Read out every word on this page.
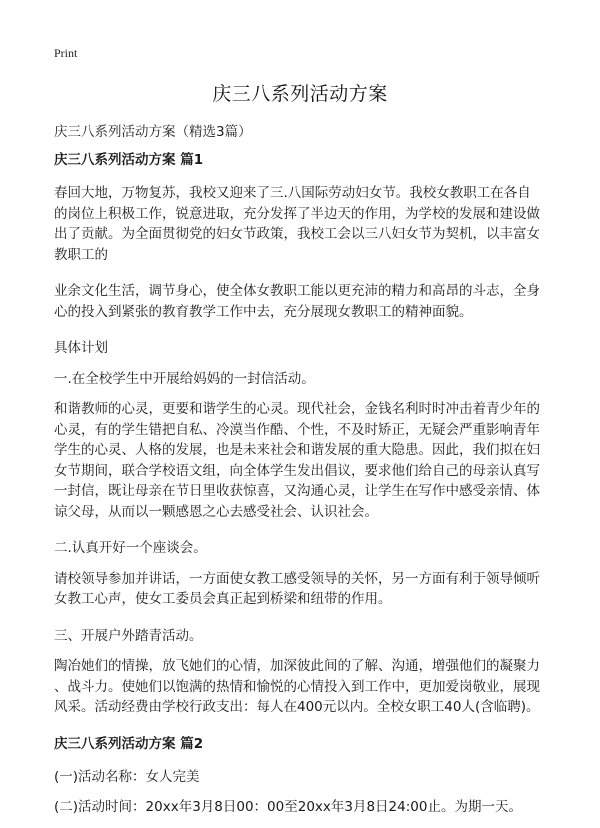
Print
庆三八系列活动方案
庆三八系列活动方案（精选3篇）
庆三八系列活动方案 篇1
春回大地，万物复苏，我校又迎来了三.八国际劳动妇女节。我校女教职工在各自
的岗位上积极工作，锐意进取，充分发挥了半边天的作用，为学校的发展和建设做
出了贡献。为全面贯彻党的妇女节政策，我校工会以三八妇女节为契机，以丰富女
教职工的
业余文化生活，调节身心，使全体女教职工能以更充沛的精力和高昂的斗志，全身
心的投入到紧张的教育教学工作中去，充分展现女教职工的精神面貌。
具体计划
一.在全校学生中开展给妈妈的一封信活动。
和谐教师的心灵，更要和谐学生的心灵。现代社会，金钱名利时时冲击着青少年的
心灵，有的学生错把自私、冷漠当作酷、个性，不及时矫正，无疑会严重影响青年
学生的心灵、人格的发展，也是未来社会和谐发展的重大隐患。因此，我们拟在妇
女节期间，联合学校语文组，向全体学生发出倡议，要求他们给自己的母亲认真写
一封信，既让母亲在节日里收获惊喜，又沟通心灵，让学生在写作中感受亲情、体
谅父母，从而以一颗感恩之心去感受社会、认识社会。
二.认真开好一个座谈会。
请校领导参加并讲话，一方面使女教工感受领导的关怀，另一方面有利于领导倾听
女教工心声，使女工委员会真正起到桥梁和纽带的作用。
三、开展户外踏青活动。
陶冶她们的情操，放飞她们的心情，加深彼此间的了解、沟通，增强他们的凝聚力
、战斗力。使她们以饱满的热情和愉悦的心情投入到工作中，更加爱岗敬业，展现
风采。活动经费由学校行政支出：每人在400元以内。全校女职工40人(含临聘)。
庆三八系列活动方案 篇2
(一)活动名称：女人完美
(二)活动时间：20xx年3月8日00：00至20xx年3月8日24:00止。为期一天。
